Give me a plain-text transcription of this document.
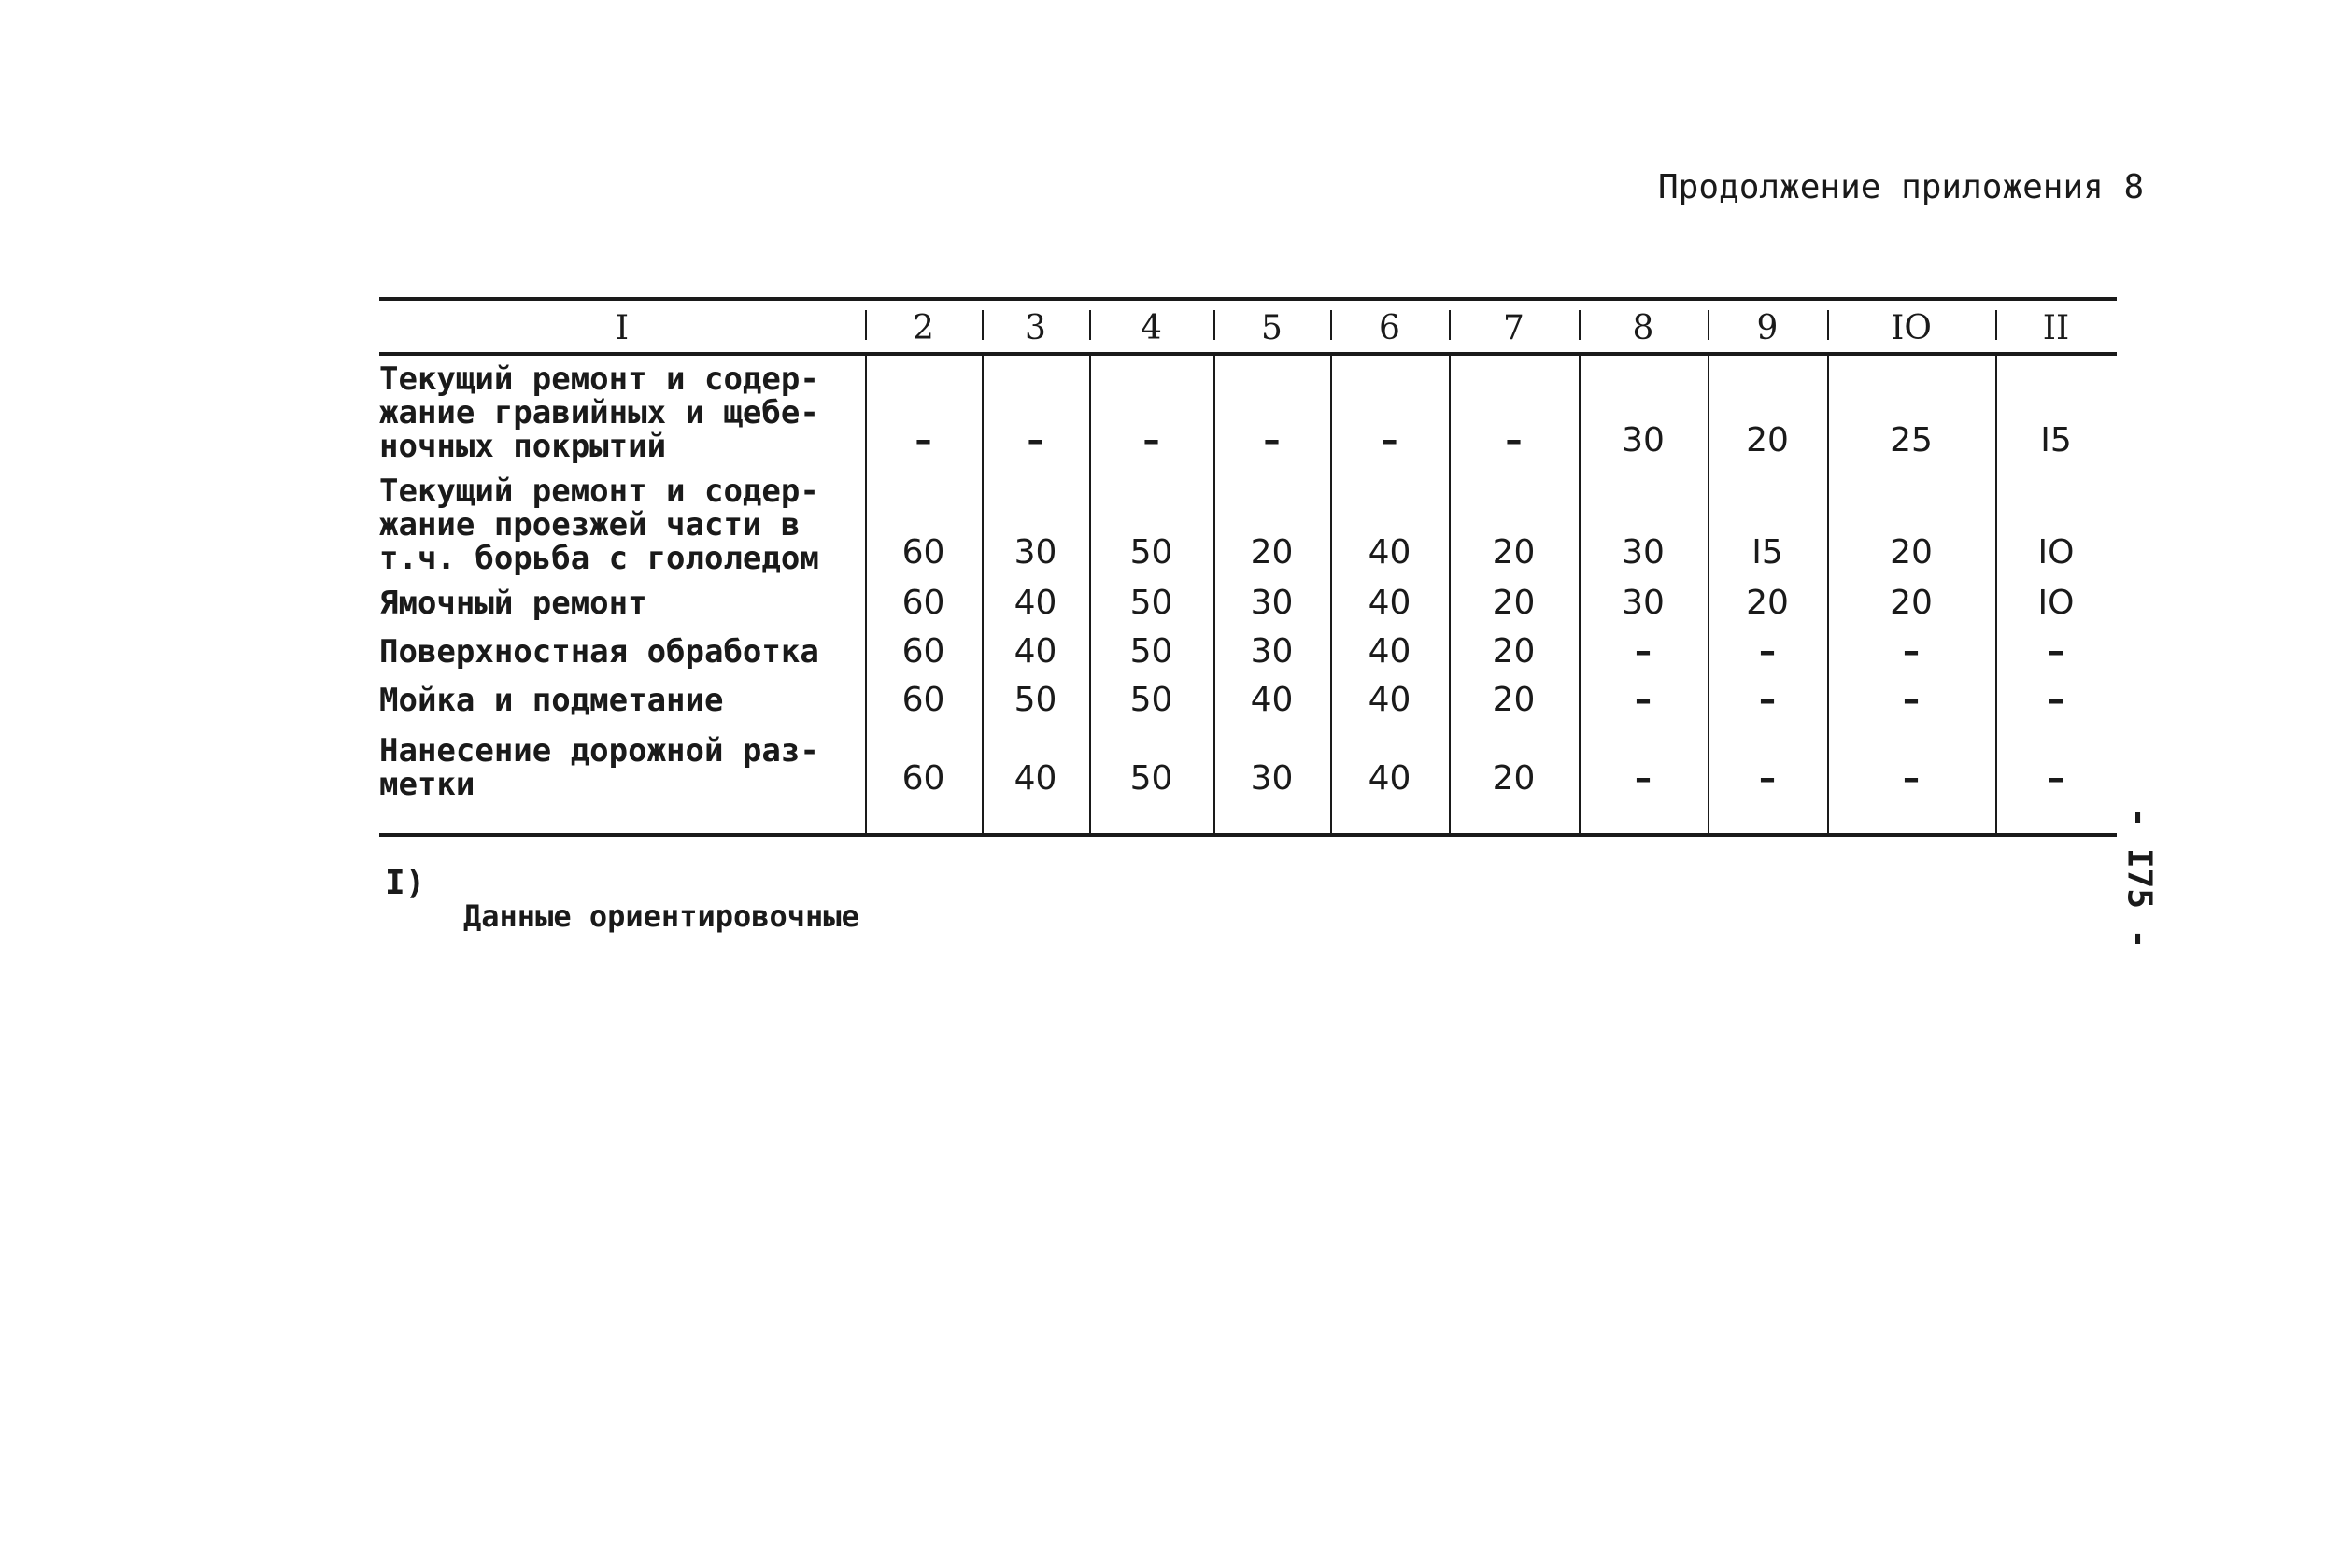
Продолжение приложения 8
I	2	3	4	5	6	7	8	9	IO	II
Текущий ремонт и содер-
жание гравийных и щебе-
ночных покрытий	–	–	–	–	–	–	30	20	25	I5
Текущий ремонт и содер-
жание проезжей части в
т.ч. борьба с гололедом	60	30	50	20	40	20	30	I5	20	IO
Ямочный ремонт	60	40	50	30	40	20	30	20	20	IO
Поверхностная обработка	60	40	50	30	40	20	–	–	–	–
Мойка и подметание	60	50	50	40	40	20	–	–	–	–
Нанесение дорожной раз-
метки	60	40	50	30	40	20	–	–	–	–
I)
Данные ориентировочные	- I75 -
